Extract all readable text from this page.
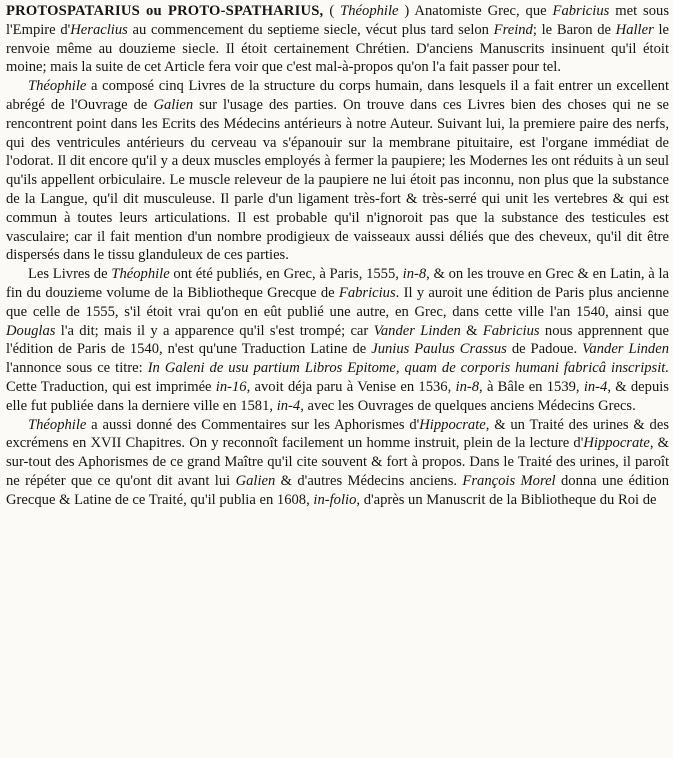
PROTOSPATARIUS ou PROTO-SPATHARIUS, ( Théophile ) Anatomiste Grec, que Fabricius met sous l'Empire d'Heraclius au commencement du septieme siecle, vécut plus tard selon Freind; le Baron de Haller le renvoie même au douzieme siecle. Il étoit certainement Chrétien. D'anciens Manuscrits insinuent qu'il étoit moine; mais la suite de cet Article fera voir que c'est mal-à-propos qu'on l'a fait passer pour tel.

Théophile a composé cinq Livres de la structure du corps humain, dans lesquels il a fait entrer un excellent abrégé de l'Ouvrage de Galien sur l'usage des parties. On trouve dans ces Livres bien des choses qui ne se rencontrent point dans les Ecrits des Médecins antérieurs à notre Auteur. Suivant lui, la premiere paire des nerfs, qui des ventricules antérieurs du cerveau va s'épanouir sur la membrane pituitaire, est l'organe immédiat de l'odorat. Il dit encore qu'il y a deux muscles employés à fermer la paupiere; les Modernes les ont réduits à un seul qu'ils appellent orbiculaire. Le muscle releveur de la paupiere ne lui étoit pas inconnu, non plus que la substance de la Langue, qu'il dit musculeuse. Il parle d'un ligament très-fort & très-serré qui unit les vertebres & qui est commun à toutes leurs articulations. Il est probable qu'il n'ignoroit pas que la substance des testicules est vasculaire; car il fait mention d'un nombre prodigieux de vaisseaux aussi déliés que des cheveux, qu'il dit être dispersés dans le tissu glanduleux de ces parties.

Les Livres de Théophile ont été publiés, en Grec, à Paris, 1555, in-8, & on les trouve en Grec & en Latin, à la fin du douzieme volume de la Bibliotheque Grecque de Fabricius. Il y auroit une édition de Paris plus ancienne que celle de 1555, s'il étoit vrai qu'on en eût publié une autre, en Grec, dans cette ville l'an 1540, ainsi que Douglas l'a dit; mais il y a apparence qu'il s'est trompé; car Vander Linden & Fabricius nous apprennent que l'édition de Paris de 1540, n'est qu'une Traduction Latine de Junius Paulus Crassus de Padoue. Vander Linden l'annonce sous ce titre: In Galeni de usu partium Libros Epitome, quam de corporis humani fabricâ inscripsit. Cette Traduction, qui est imprimée in-16, avoit déja paru à Venise en 1536, in-8, à Bâle en 1539, in-4, & depuis elle fut publiée dans la derniere ville en 1581, in-4, avec les Ouvrages de quelques anciens Médecins Grecs.

Théophile a aussi donné des Commentaires sur les Aphorismes d'Hippocrate, & un Traité des urines & des excrémens en XVII Chapitres. On y reconnoît facilement un homme instruit, plein de la lecture d'Hippocrate, & sur-tout des Aphorismes de ce grand Maître qu'il cite souvent & fort à propos. Dans le Traité des urines, il paroît ne répéter que ce qu'ont dit avant lui Galien & d'autres Médecins anciens. François Morel donna une édition Grecque & Latine de ce Traité, qu'il publia en 1608, in-folio, d'après un Manuscrit de la Bibliotheque du Roi de
